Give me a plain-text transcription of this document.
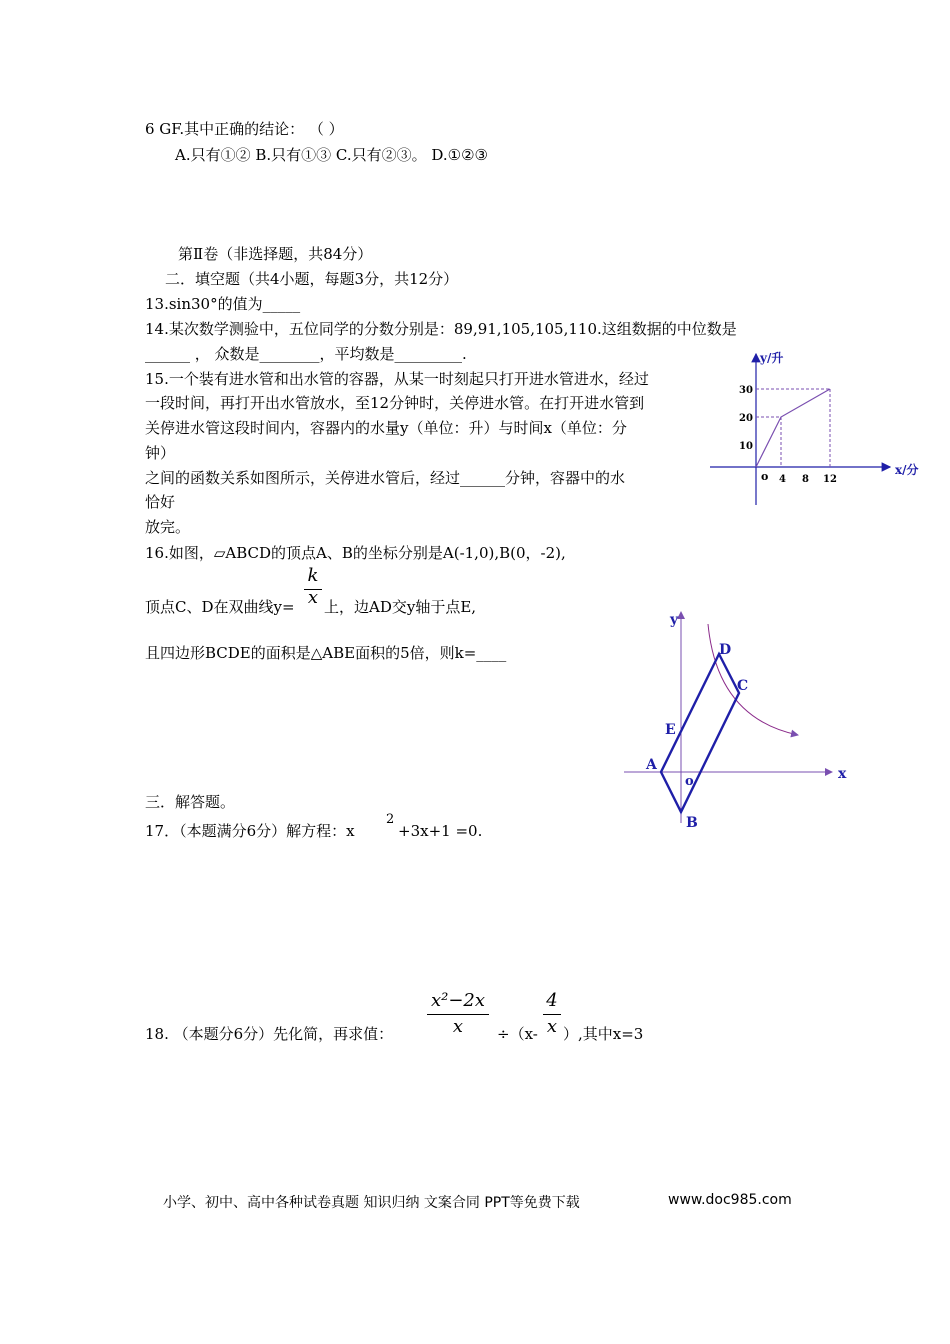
6 GF.其中正确的结论： （ ）
A.只有①② B.只有①③ C.只有②③。 D.①②③
第Ⅱ卷（非选择题，共84分）
二．填空题（共4小题，每题3分，共12分）
13.sin30°的值为_____
14.某次数学测验中，五位同学的分数分别是：89,91,105,105,110.这组数据的中位数是
______ ， 众数是________，平均数是_________.
15.一个装有进水管和出水管的容器，从某一时刻起只打开进水管进水，经过
一段时间，再打开出水管放水，至12分钟时，关停进水管。在打开进水管到
关停进水管这段时间内，容器内的水量y（单位：升）与时间x（单位：分
钟）
之间的函数关系如图所示，关停进水管后，经过______分钟，容器中的水
恰好
放完。
16.如图，▱ABCD的顶点A、B的坐标分别是A(-1,0),B(0，-2),
顶点C、D在双曲线y=
k
x 上，边AD交y轴于点E,
且四边形BCDE的面积是△ABE面积的5倍，则k=____
三．解答题。
17．（本题满分6分）解方程：x
2
+3x+1 =0.
18. （本题分6分）先化简，再求值：
x²−2x
x	÷（x-
4
x ）,其中x=3
y/升
x/分
o
10
20
30
4 8 12
y
x
o
A
B
C
D
E
小学、初中、高中各种试卷真题 知识归纳 文案合同 PPT等免费下载	www.doc985.com
